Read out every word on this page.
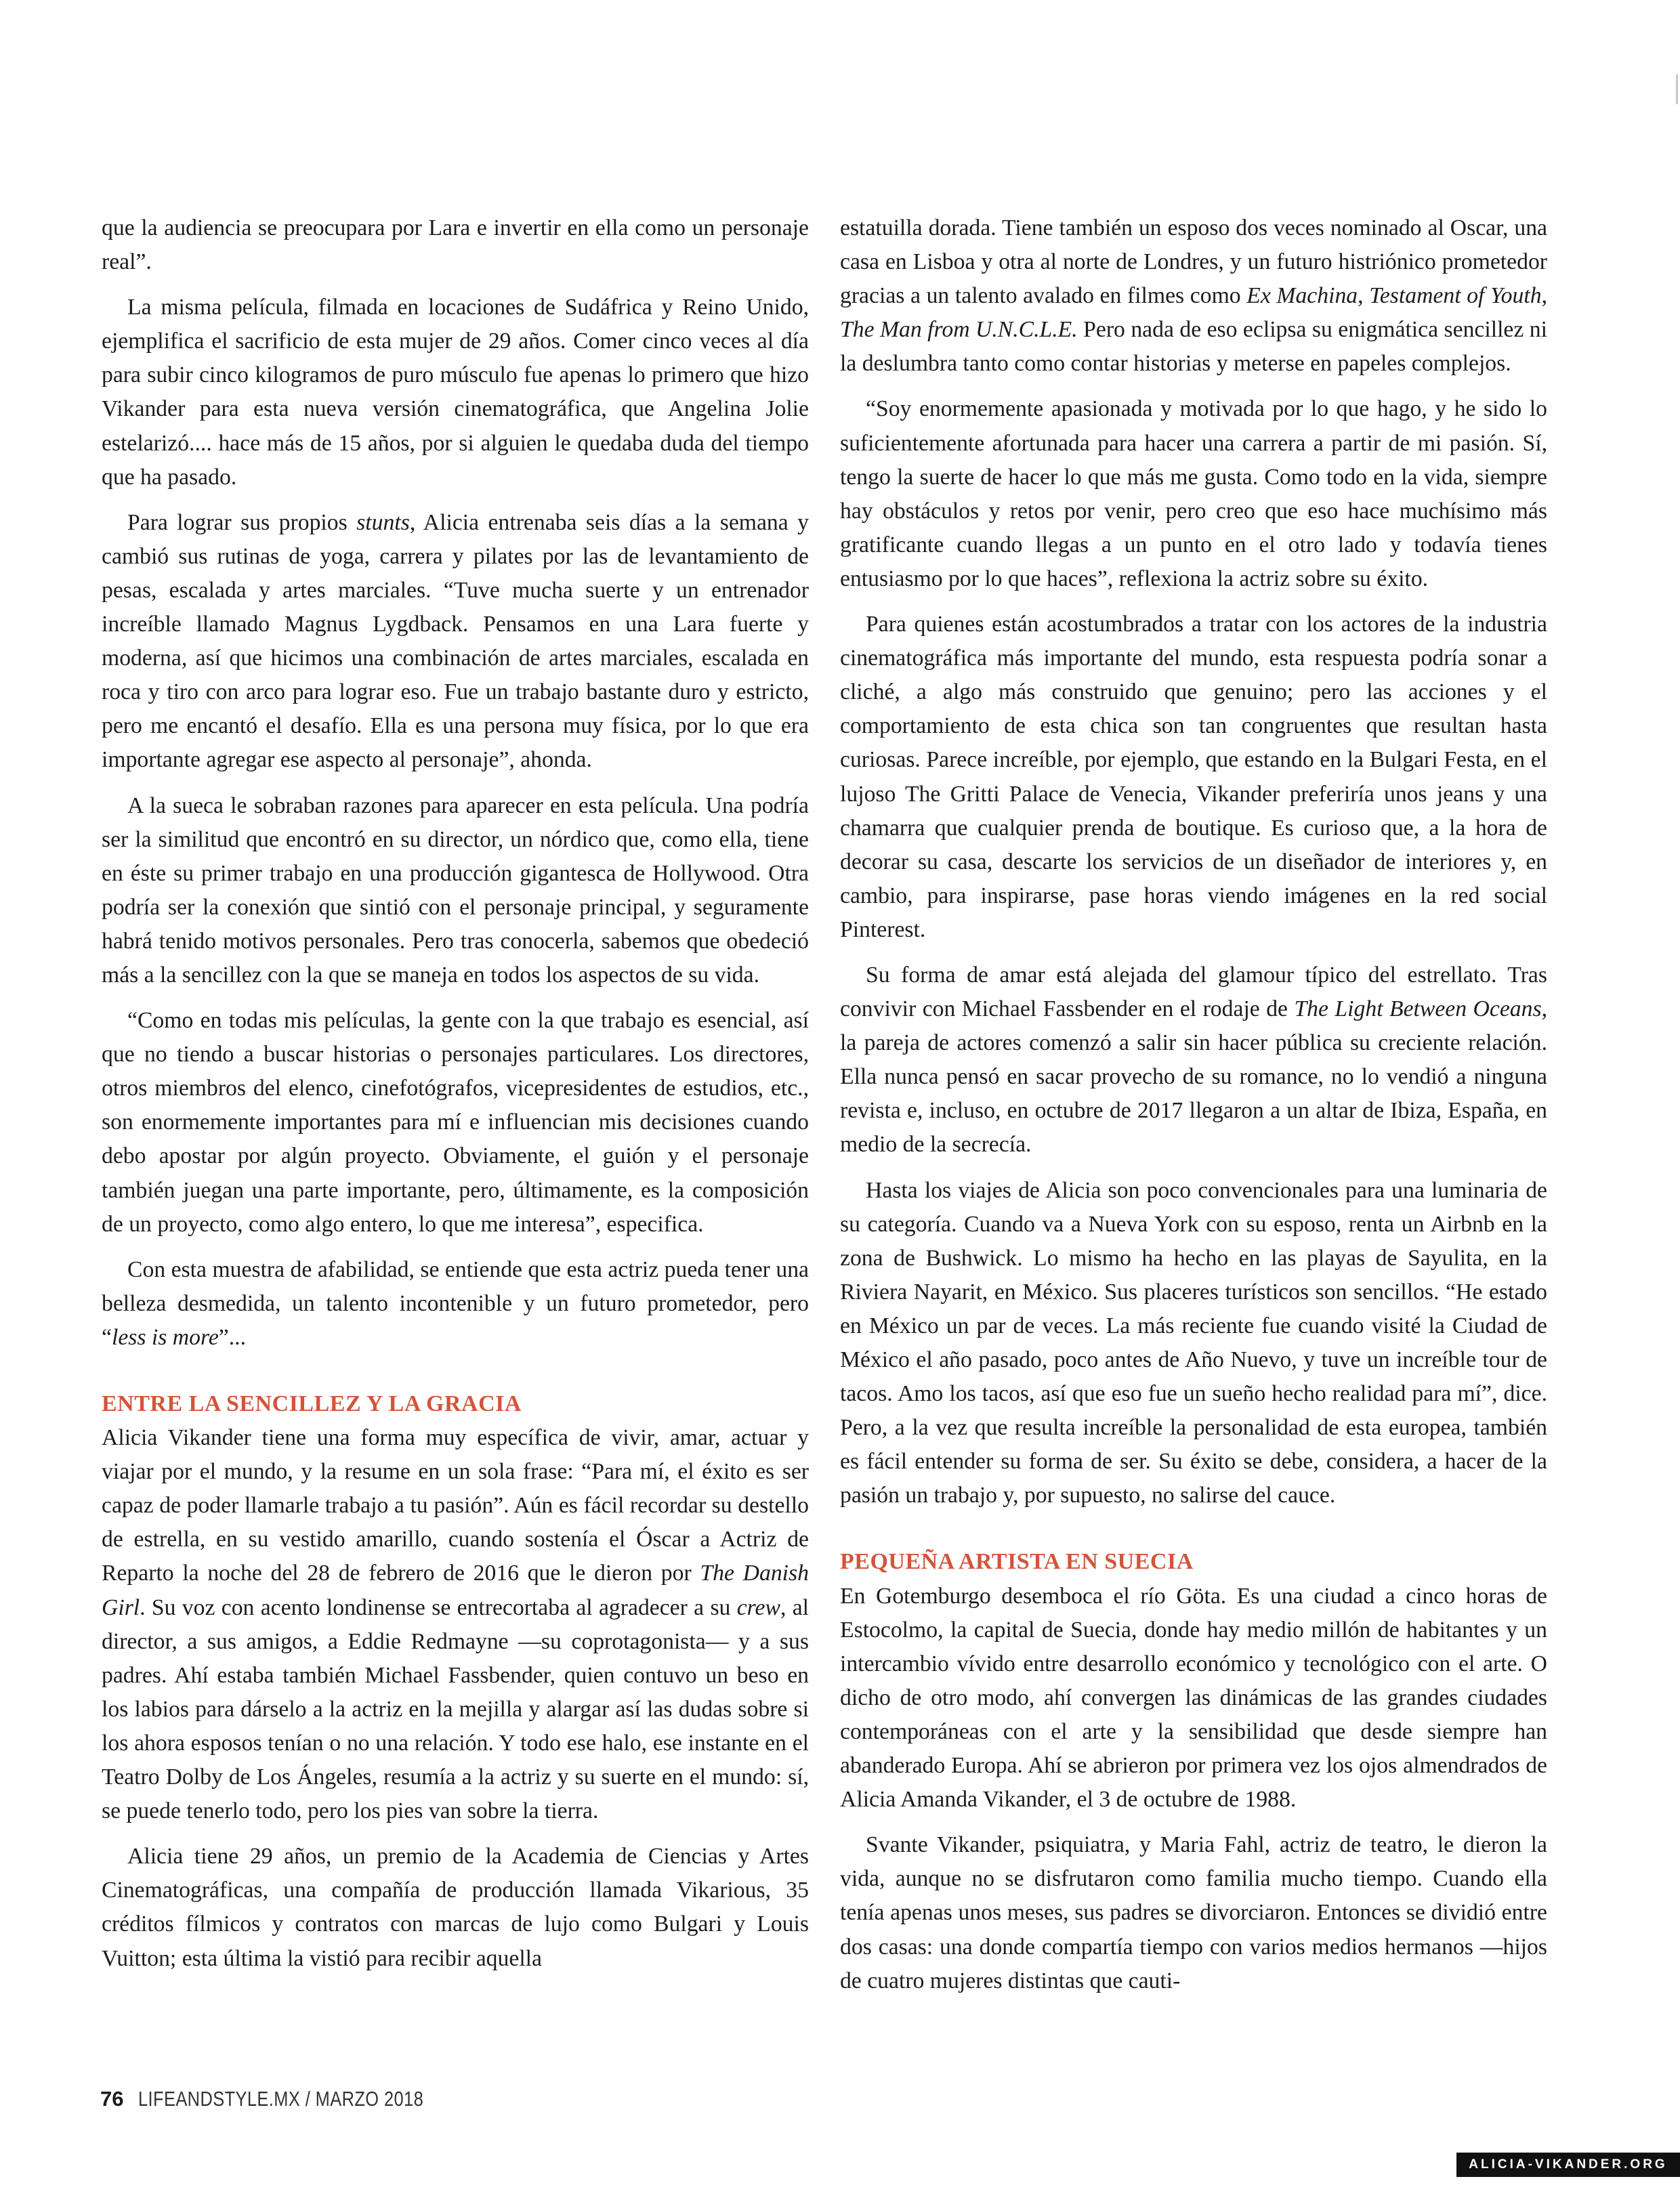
que la audiencia se preocupara por Lara e invertir en ella como un personaje real”.

La misma película, filmada en locaciones de Sudáfrica y Reino Unido, ejemplifica el sacrificio de esta mujer de 29 años. Comer cinco veces al día para subir cinco kilogramos de puro músculo fue apenas lo primero que hizo Vikander para esta nueva versión cinematográfica, que Angelina Jolie estelarizó.... hace más de 15 años, por si alguien le quedaba duda del tiempo que ha pasado.

Para lograr sus propios stunts, Alicia entrenaba seis días a la semana y cambió sus rutinas de yoga, carrera y pilates por las de levantamiento de pesas, escalada y artes marciales. “Tuve mucha suerte y un entrenador increíble llamado Magnus Lygdback. Pensamos en una Lara fuerte y moderna, así que hicimos una combinación de artes marciales, escalada en roca y tiro con arco para lograr eso. Fue un trabajo bastante duro y estricto, pero me encantó el desafío. Ella es una persona muy física, por lo que era importante agregar ese aspecto al personaje”, ahonda.

A la sueca le sobraban razones para aparecer en esta película. Una podría ser la similitud que encontró en su director, un nórdico que, como ella, tiene en éste su primer trabajo en una producción gigantesca de Hollywood. Otra podría ser la conexión que sintió con el personaje principal, y seguramente habrá tenido motivos personales. Pero tras conocerla, sabemos que obedeció más a la sencillez con la que se maneja en todos los aspectos de su vida.

“Como en todas mis películas, la gente con la que trabajo es esencial, así que no tiendo a buscar historias o personajes particulares. Los directores, otros miembros del elenco, cinefotógrafos, vicepresidentes de estudios, etc., son enormemente importantes para mí e influencian mis decisiones cuando debo apostar por algún proyecto. Obviamente, el guión y el personaje también juegan una parte importante, pero, últimamente, es la composición de un proyecto, como algo entero, lo que me interesa”, especifica.

Con esta muestra de afabilidad, se entiende que esta actriz pueda tener una belleza desmedida, un talento incontenible y un futuro prometedor, pero “less is more”...

ENTRE LA SENCILLEZ Y LA GRACIA

Alicia Vikander tiene una forma muy específica de vivir, amar, actuar y viajar por el mundo, y la resume en un sola frase: “Para mí, el éxito es ser capaz de poder llamarle trabajo a tu pasión”. Aún es fácil recordar su destello de estrella, en su vestido amarillo, cuando sostenía el Óscar a Actriz de Reparto la noche del 28 de febrero de 2016 que le dieron por The Danish Girl. Su voz con acento londinense se entrecortaba al agradecer a su crew, al director, a sus amigos, a Eddie Redmayne —su coprotagonista— y a sus padres. Ahí estaba también Michael Fassbender, quien contuvo un beso en los labios para dárselo a la actriz en la mejilla y alargar así las dudas sobre si los ahora esposos tenían o no una relación. Y todo ese halo, ese instante en el Teatro Dolby de Los Ángeles, resumía a la actriz y su suerte en el mundo: sí, se puede tenerlo todo, pero los pies van sobre la tierra.

Alicia tiene 29 años, un premio de la Academia de Ciencias y Artes Cinematográficas, una compañía de producción llamada Vikarious, 35 créditos fílmicos y contratos con marcas de lujo como Bulgari y Louis Vuitton; esta última la vistió para recibir aquella

estatuilla dorada. Tiene también un esposo dos veces nominado al Oscar, una casa en Lisboa y otra al norte de Londres, y un futuro histriónico prometedor gracias a un talento avalado en filmes como Ex Machina, Testament of Youth, The Man from U.N.C.L.E. Pero nada de eso eclipsa su enigmática sencillez ni la deslumbra tanto como contar historias y meterse en papeles complejos.

“Soy enormemente apasionada y motivada por lo que hago, y he sido lo suficientemente afortunada para hacer una carrera a partir de mi pasión. Sí, tengo la suerte de hacer lo que más me gusta. Como todo en la vida, siempre hay obstáculos y retos por venir, pero creo que eso hace muchísimo más gratificante cuando llegas a un punto en el otro lado y todavía tienes entusiasmo por lo que haces”, reflexiona la actriz sobre su éxito.

Para quienes están acostumbrados a tratar con los actores de la industria cinematográfica más importante del mundo, esta respuesta podría sonar a cliché, a algo más construido que genuino; pero las acciones y el comportamiento de esta chica son tan congruentes que resultan hasta curiosas. Parece increíble, por ejemplo, que estando en la Bulgari Festa, en el lujoso The Gritti Palace de Venecia, Vikander preferiría unos jeans y una chamarra que cualquier prenda de boutique. Es curioso que, a la hora de decorar su casa, descarte los servicios de un diseñador de interiores y, en cambio, para inspirarse, pase horas viendo imágenes en la red social Pinterest.

Su forma de amar está alejada del glamour típico del estrellato. Tras convivir con Michael Fassbender en el rodaje de The Light Between Oceans, la pareja de actores comenzó a salir sin hacer pública su creciente relación. Ella nunca pensó en sacar provecho de su romance, no lo vendió a ninguna revista e, incluso, en octubre de 2017 llegaron a un altar de Ibiza, España, en medio de la secrecía.

Hasta los viajes de Alicia son poco convencionales para una luminaria de su categoría. Cuando va a Nueva York con su esposo, renta un Airbnb en la zona de Bushwick. Lo mismo ha hecho en las playas de Sayulita, en la Riviera Nayarit, en México. Sus placeres turísticos son sencillos. “He estado en México un par de veces. La más reciente fue cuando visité la Ciudad de México el año pasado, poco antes de Año Nuevo, y tuve un increíble tour de tacos. Amo los tacos, así que eso fue un sueño hecho realidad para mí”, dice. Pero, a la vez que resulta increíble la personalidad de esta europea, también es fácil entender su forma de ser. Su éxito se debe, considera, a hacer de la pasión un trabajo y, por supuesto, no salirse del cauce.

PEQUEÑA ARTISTA EN SUECIA

En Gotemburgo desemboca el río Göta. Es una ciudad a cinco horas de Estocolmo, la capital de Suecia, donde hay medio millón de habitantes y un intercambio vívido entre desarrollo económico y tecnológico con el arte. O dicho de otro modo, ahí convergen las dinámicas de las grandes ciudades contemporáneas con el arte y la sensibilidad que desde siempre han abanderado Europa. Ahí se abrieron por primera vez los ojos almendrados de Alicia Amanda Vikander, el 3 de octubre de 1988.

Svante Vikander, psiquiatra, y Maria Fahl, actriz de teatro, le dieron la vida, aunque no se disfrutaron como familia mucho tiempo. Cuando ella tenía apenas unos meses, sus padres se divorciaron. Entonces se dividió entre dos casas: una donde compartía tiempo con varios medios hermanos —hijos de cuatro mujeres distintas que cauti-

76 LIFEANDSTYLE.MX / MARZO 2018
ALICIA-VIKANDER.ORG
